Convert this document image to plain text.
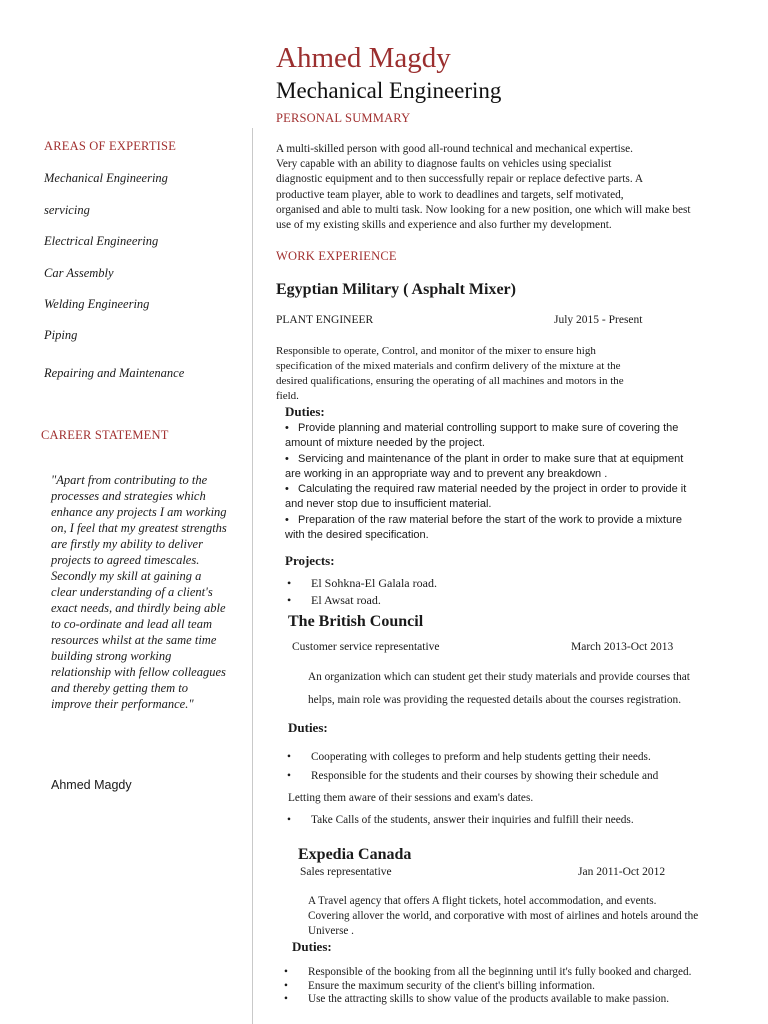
Ahmed Magdy
Mechanical Engineering
AREAS OF EXPERTISE
Mechanical Engineering
servicing
Electrical Engineering
Car Assembly
Welding Engineering
Piping
Repairing and Maintenance
CAREER STATEMENT
"Apart from contributing to the processes and strategies which enhance any projects I am working on, I feel that my greatest strengths are firstly my ability to deliver projects to agreed timescales. Secondly my skill at gaining a clear understanding of a client's exact needs, and thirdly being able to co-ordinate and lead all team resources whilst at the same time building strong working relationship with fellow colleagues and thereby getting them to improve their performance."
Ahmed Magdy
PERSONAL SUMMARY

A multi-skilled person with good all-round technical and mechanical expertise.

Very capable with an ability to diagnose faults on vehicles using specialist

diagnostic equipment and to then successfully repair or replace defective parts. A

productive team player, able to work to deadlines and targets, self motivated,

organised and able to multi task. Now looking for a new position, one which will make best

use of my existing skills and experience and also further my development.

WORK EXPERIENCE
Egyptian Military ( Asphalt Mixer)
PLANT ENGINEER	July 2015 - Present

Responsible to operate, Control, and monitor of the mixer to ensure high

specification of the mixed materials and confirm delivery of the mixture at the

desired qualifications, ensuring the operating of all machines and motors in the

field.

Duties:
• Provide planning and material controlling support to make sure of covering the
amount of mixture needed by the project.
• Servicing and maintenance of the plant in order to make sure that at equipment
are working in an appropriate way and to prevent any breakdown .
• Calculating the required raw material needed by the project in order to provide it
and never stop due to insufficient material.
• Preparation of the raw material before the start of the work to provide a mixture
with the desired specification.
Projects:
•	El Sohkna-El Galala road.
•	El Awsat road.
The British Council
Customer service representative	March 2013-Oct 2013

An organization which can student get their study materials and provide courses that

helps, main role was providing the requested details about the courses registration.

Duties:
•	Cooperating with colleges to preform and help students getting their needs.
•	Responsible for the students and their courses by showing their schedule and
Letting them aware of their sessions and exam's dates.
•	Take Calls of the students, answer their inquiries and fulfill their needs.
Expedia Canada
Sales representative	Jan 2011-Oct 2012

A Travel agency that offers A flight tickets, hotel accommodation, and events.

Covering allover the world, and corporative with most of airlines and hotels around the

Universe .

Duties:
•	Responsible of the booking from all the beginning until it's fully booked and charged.
•	Ensure the maximum security of the client's billing information.
•	Use the attracting skills to show value of the products available to make passion.
